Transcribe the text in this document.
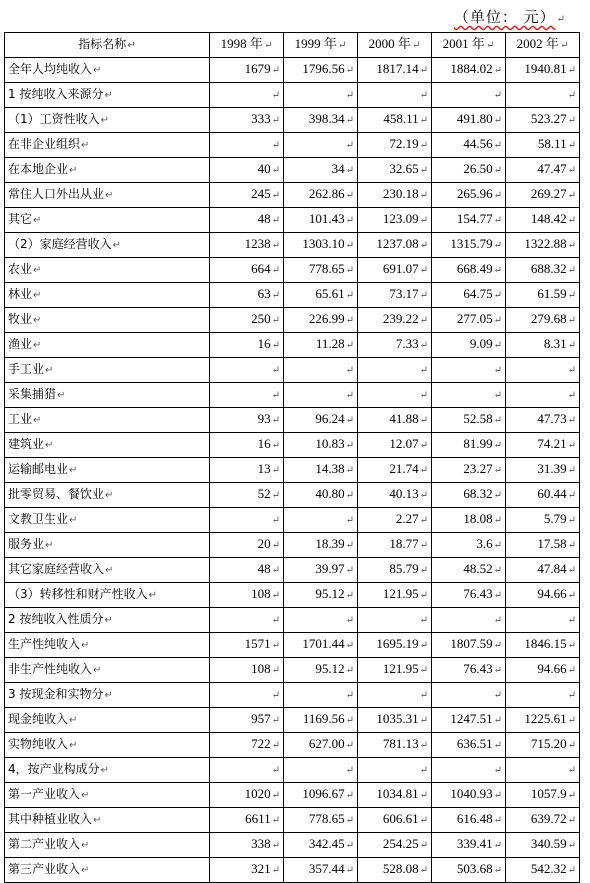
（单位： 元）↵
指标名称↵	1998 年↵	1999 年↵	2000 年↵	2001 年↵	2002 年↵
全年人均纯收入↵	1679↵	1796.56↵	1817.14↵	1884.02↵	1940.81↵
1 按纯收入来源分↵	↵	↵	↵	↵	↵
（1）工资性收入↵	333↵	398.34↵	458.11↵	491.80↵	523.27↵
在非企业组织↵	↵	↵	72.19↵	44.56↵	58.11↵
在本地企业↵	40↵	34↵	32.65↵	26.50↵	47.47↵
常住人口外出从业↵	245↵	262.86↵	230.18↵	265.96↵	269.27↵
其它↵	48↵	101.43↵	123.09↵	154.77↵	148.42↵
（2）家庭经营收入↵	1238↵	1303.10↵	1237.08↵	1315.79↵	1322.88↵
农业↵	664↵	778.65↵	691.07↵	668.49↵	688.32↵
林业↵	63↵	65.61↵	73.17↵	64.75↵	61.59↵
牧业↵	250↵	226.99↵	239.22↵	277.05↵	279.68↵
渔业↵	16↵	11.28↵	7.33↵	9.09↵	8.31↵
手工业↵	↵	↵	↵	↵	↵
采集捕猎↵	↵	↵	↵	↵	↵
工业↵	93↵	96.24↵	41.88↵	52.58↵	47.73↵
建筑业↵	16↵	10.83↵	12.07↵	81.99↵	74.21↵
运输邮电业↵	13↵	14.38↵	21.74↵	23.27↵	31.39↵
批零贸易、餐饮业↵	52↵	40.80↵	40.13↵	68.32↵	60.44↵
文教卫生业↵	↵	↵	2.27↵	18.08↵	5.79↵
服务业↵	20↵	18.39↵	18.77↵	3.6↵	17.58↵
其它家庭经营收入↵	48↵	39.97↵	85.79↵	48.52↵	47.84↵
（3）转移性和财产性收入↵	108↵	95.12↵	121.95↵	76.43↵	94.66↵
2 按纯收入性质分↵	↵	↵	↵	↵	↵
生产性纯收入↵	1571↵	1701.44↵	1695.19↵	1807.59↵	1846.15↵
非生产性纯收入↵	108↵	95.12↵	121.95↵	76.43↵	94.66↵
3 按现金和实物分↵	↵	↵	↵	↵	↵
现金纯收入↵	957↵	1169.56↵	1035.31↵	1247.51↵	1225.61↵
实物纯收入↵	722↵	627.00↵	781.13↵	636.51↵	715.20↵
4，按产业构成分↵	↵	↵	↵	↵	↵
第一产业收入↵	1020↵	1096.67↵	1034.81↵	1040.93↵	1057.9↵
其中种植业收入↵	6611↵	778.65↵	606.61↵	616.48↵	639.72↵
第二产业收入↵	338↵	342.45↵	254.25↵	339.41↵	340.59↵
第三产业收入↵	321↵	357.44↵	528.08↵	503.68↵	542.32↵
